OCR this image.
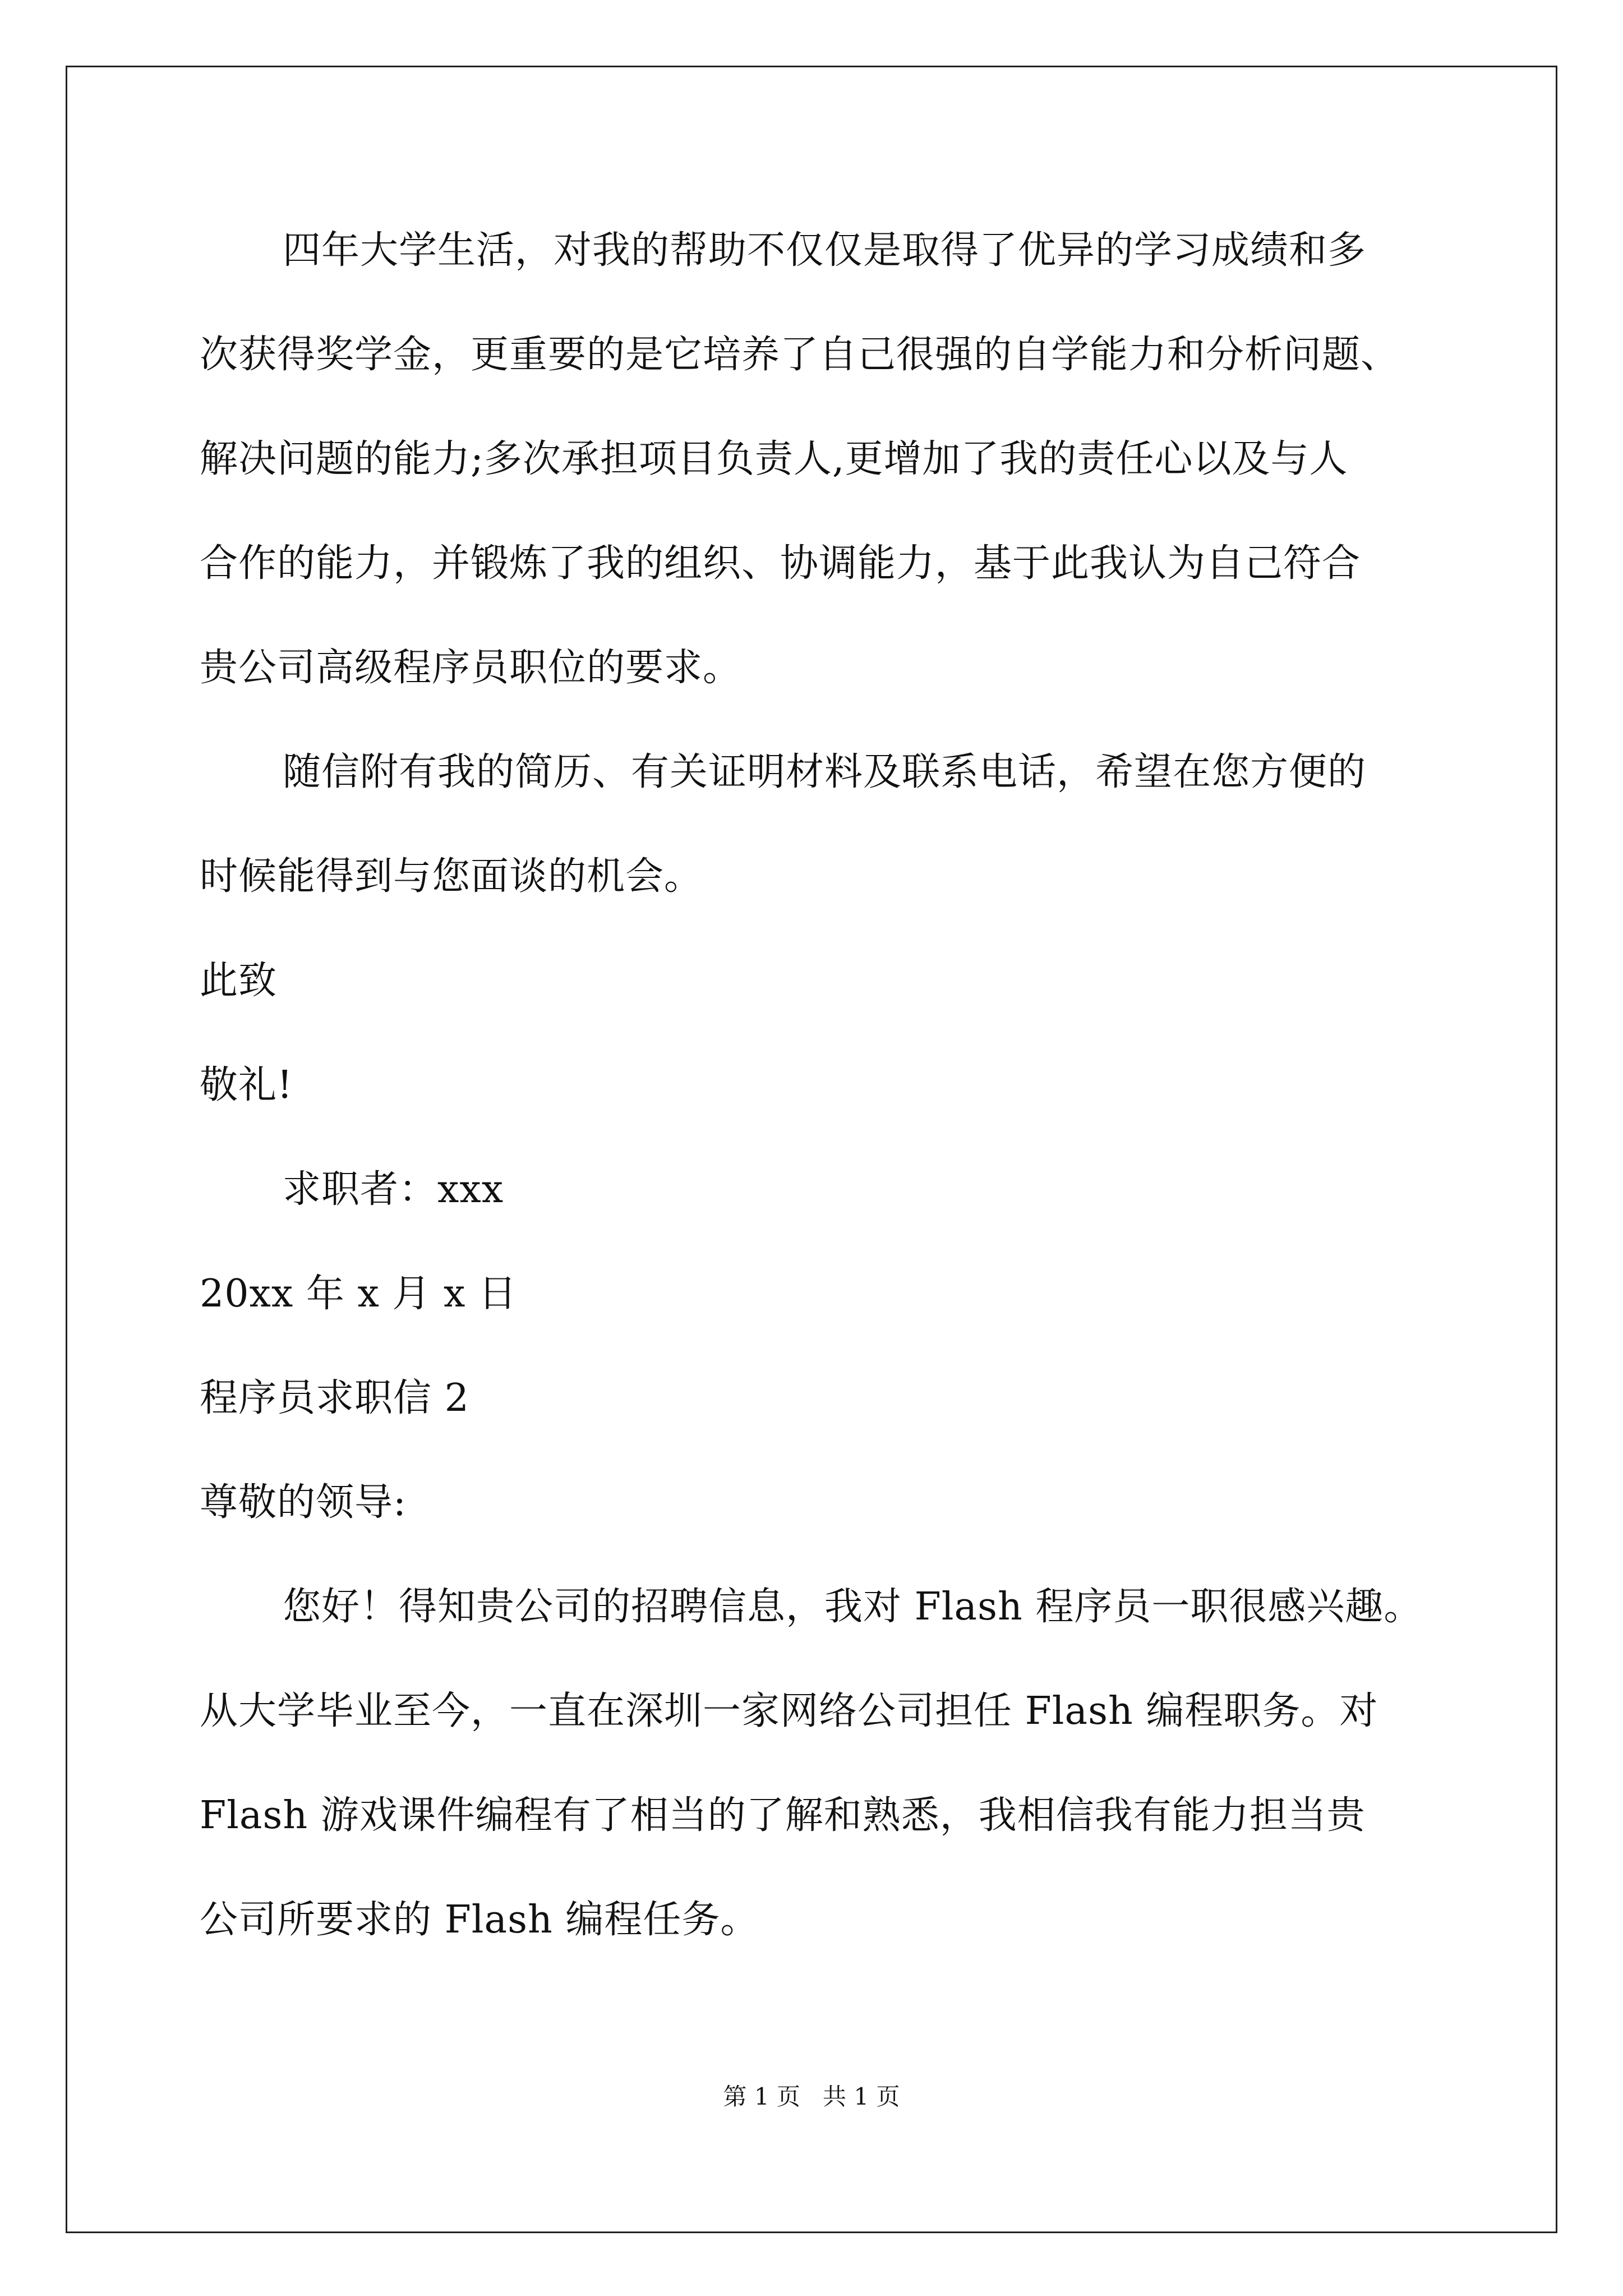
四年大学生活，对我的帮助不仅仅是取得了优异的学习成绩和多
次获得奖学金，更重要的是它培养了自己很强的自学能力和分析问题、
解决问题的能力;多次承担项目负责人,更增加了我的责任心以及与人
合作的能力，并锻炼了我的组织、协调能力，基于此我认为自己符合
贵公司高级程序员职位的要求。
随信附有我的简历、有关证明材料及联系电话，希望在您方便的
时候能得到与您面谈的机会。
此致
敬礼!
求职者：xxx
20xx 年 x 月 x 日
程序员求职信 2
尊敬的领导:
您好！得知贵公司的招聘信息，我对 Flash 程序员一职很感兴趣。
从大学毕业至今，一直在深圳一家网络公司担任 Flash 编程职务。对
Flash 游戏课件编程有了相当的了解和熟悉，我相信我有能力担当贵
公司所要求的 Flash 编程任务。
第 1 页   共 1 页
